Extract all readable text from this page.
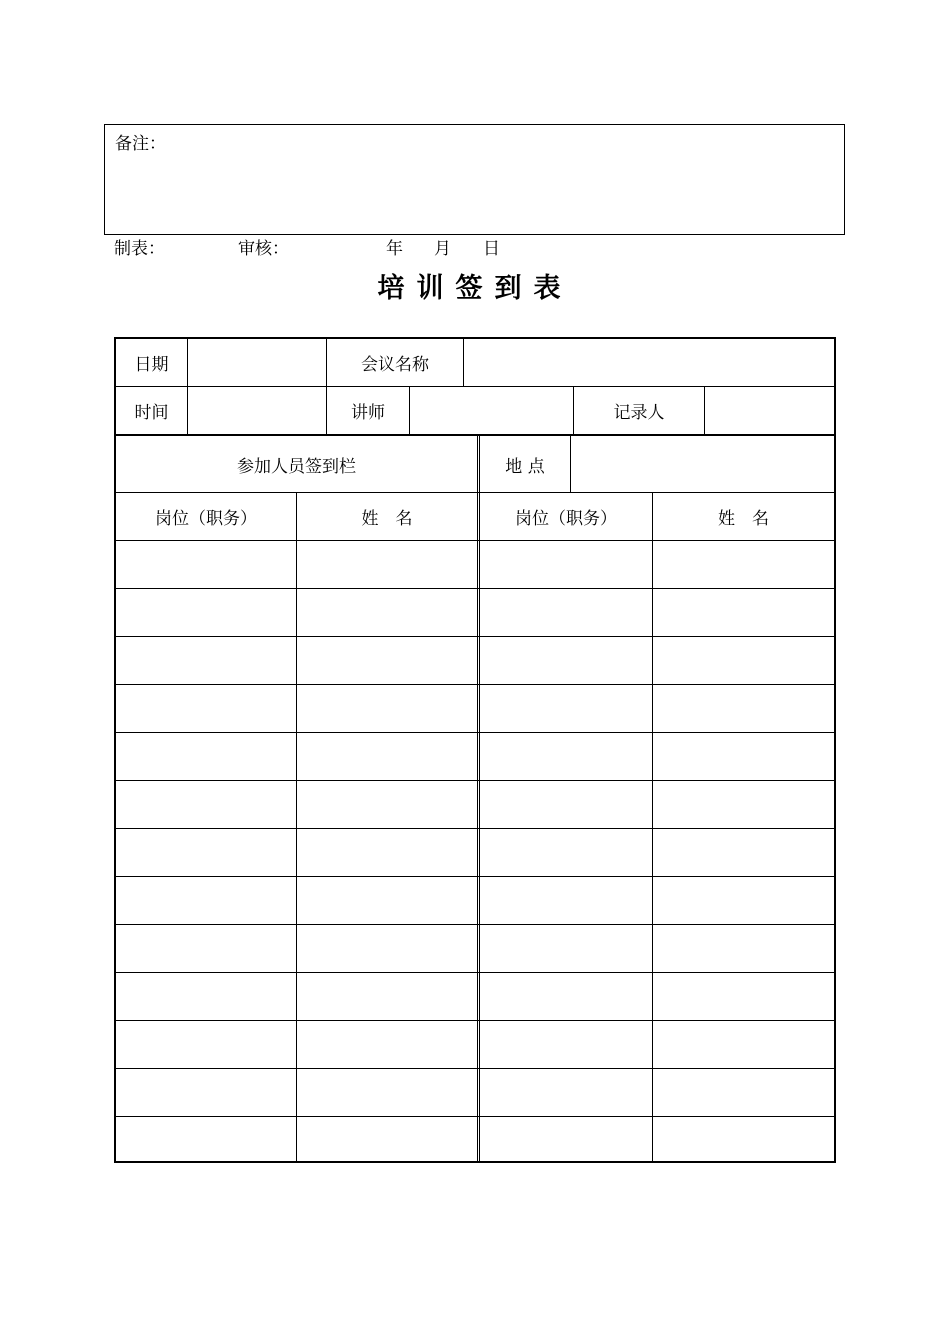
备注：
制表：	审核：	年 月 日
培训签到表
日期	会议名称
时间	讲师	记录人
参加人员签到栏	地 点
岗位（职务）	姓　名	岗位（职务）	姓　名
